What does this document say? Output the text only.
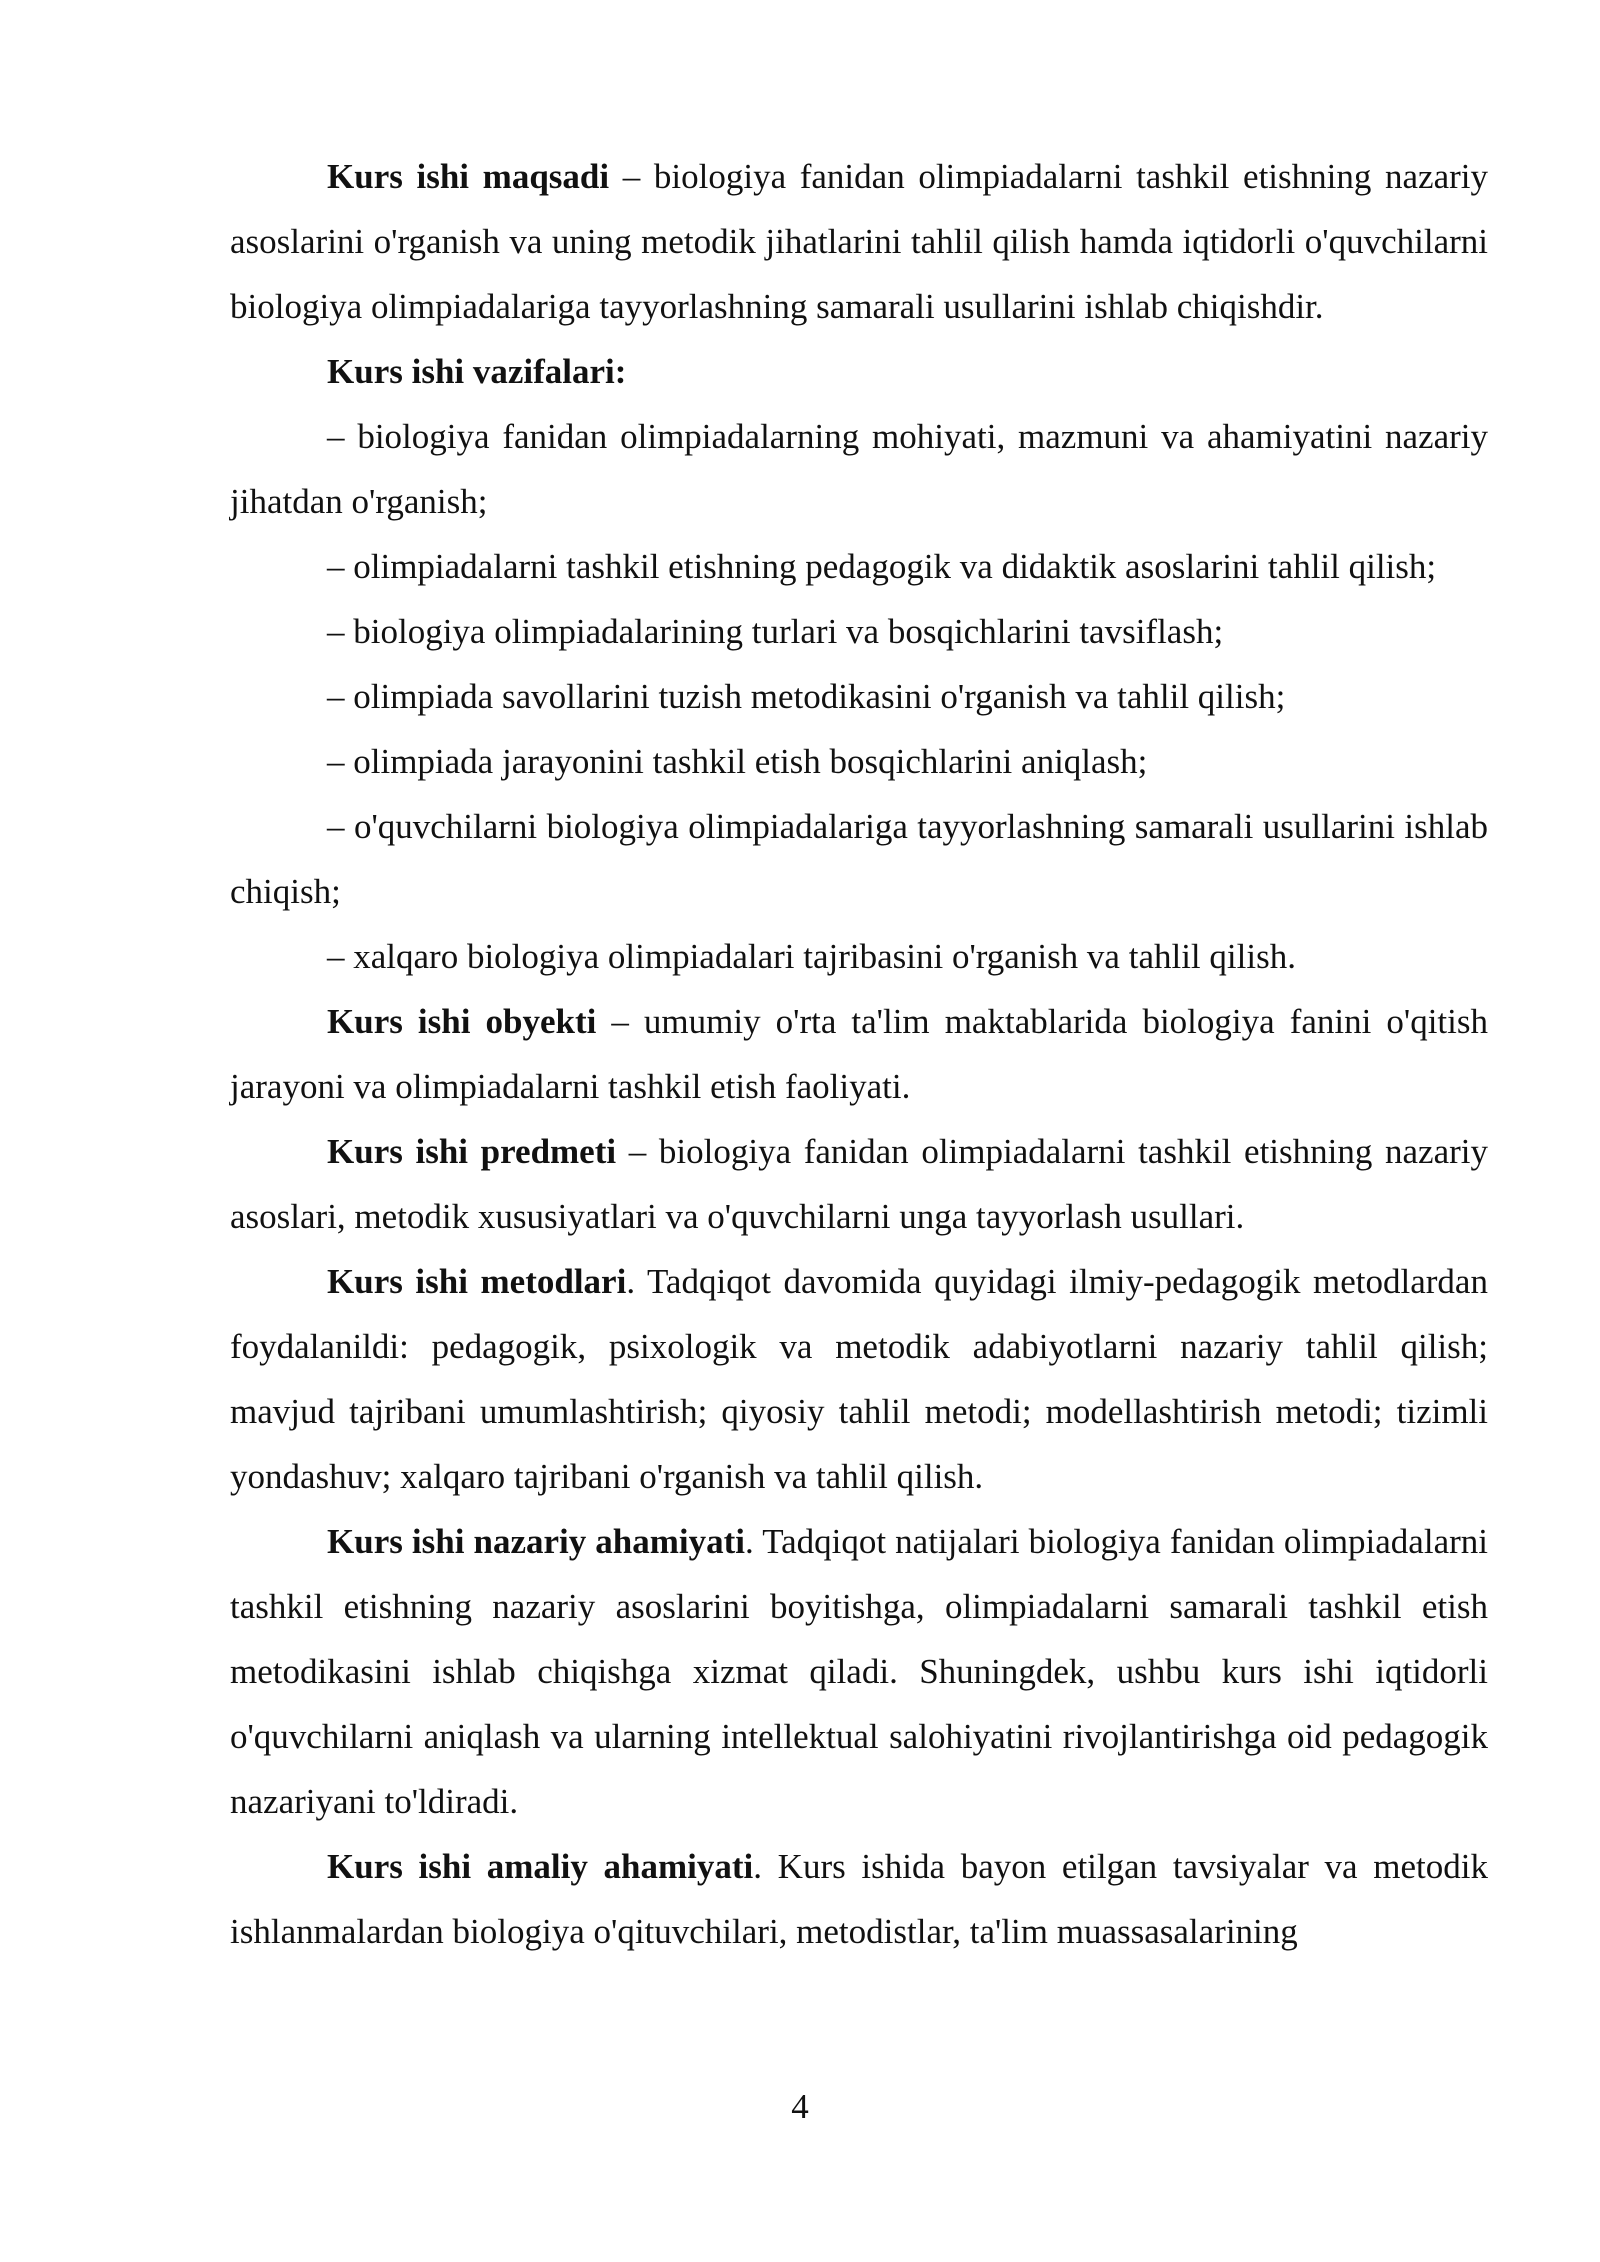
Kurs ishi maqsadi – biologiya fanidan olimpiadalarni tashkil etishning nazariy asoslarini o'rganish va uning metodik jihatlarini tahlil qilish hamda iqtidorli o'quvchilarni biologiya olimpiadalariga tayyorlashning samarali usullarini ishlab chiqishdir.

Kurs ishi vazifalari:

– biologiya fanidan olimpiadalarning mohiyati, mazmuni va ahamiyatini nazariy jihatdan o'rganish;

– olimpiadalarni tashkil etishning pedagogik va didaktik asoslarini tahlil qilish;

– biologiya olimpiadalarining turlari va bosqichlarini tavsiflash;

– olimpiada savollarini tuzish metodikasini o'rganish va tahlil qilish;

– olimpiada jarayonini tashkil etish bosqichlarini aniqlash;

– o'quvchilarni biologiya olimpiadalariga tayyorlashning samarali usullarini ishlab chiqish;

– xalqaro biologiya olimpiadalari tajribasini o'rganish va tahlil qilish.

Kurs ishi obyekti – umumiy o'rta ta'lim maktablarida biologiya fanini o'qitish jarayoni va olimpiadalarni tashkil etish faoliyati.

Kurs ishi predmeti – biologiya fanidan olimpiadalarni tashkil etishning nazariy asoslari, metodik xususiyatlari va o'quvchilarni unga tayyorlash usullari.

Kurs ishi metodlari. Tadqiqot davomida quyidagi ilmiy-pedagogik metodlardan foydalanildi: pedagogik, psixologik va metodik adabiyotlarni nazariy tahlil qilish; mavjud tajribani umumlashtirish; qiyosiy tahlil metodi; modellashtirish metodi; tizimli yondashuv; xalqaro tajribani o'rganish va tahlil qilish.

Kurs ishi nazariy ahamiyati. Tadqiqot natijalari biologiya fanidan olimpiadalarni tashkil etishning nazariy asoslarini boyitishga, olimpiadalarni samarali tashkil etish metodikasini ishlab chiqishga xizmat qiladi. Shuningdek, ushbu kurs ishi iqtidorli o'quvchilarni aniqlash va ularning intellektual salohiyatini rivojlantirishga oid pedagogik nazariyani to'ldiradi.

Kurs ishi amaliy ahamiyati. Kurs ishida bayon etilgan tavsiyalar va metodik ishlanmalardan biologiya o'qituvchilari, metodistlar, ta'lim muassasalarining

4
